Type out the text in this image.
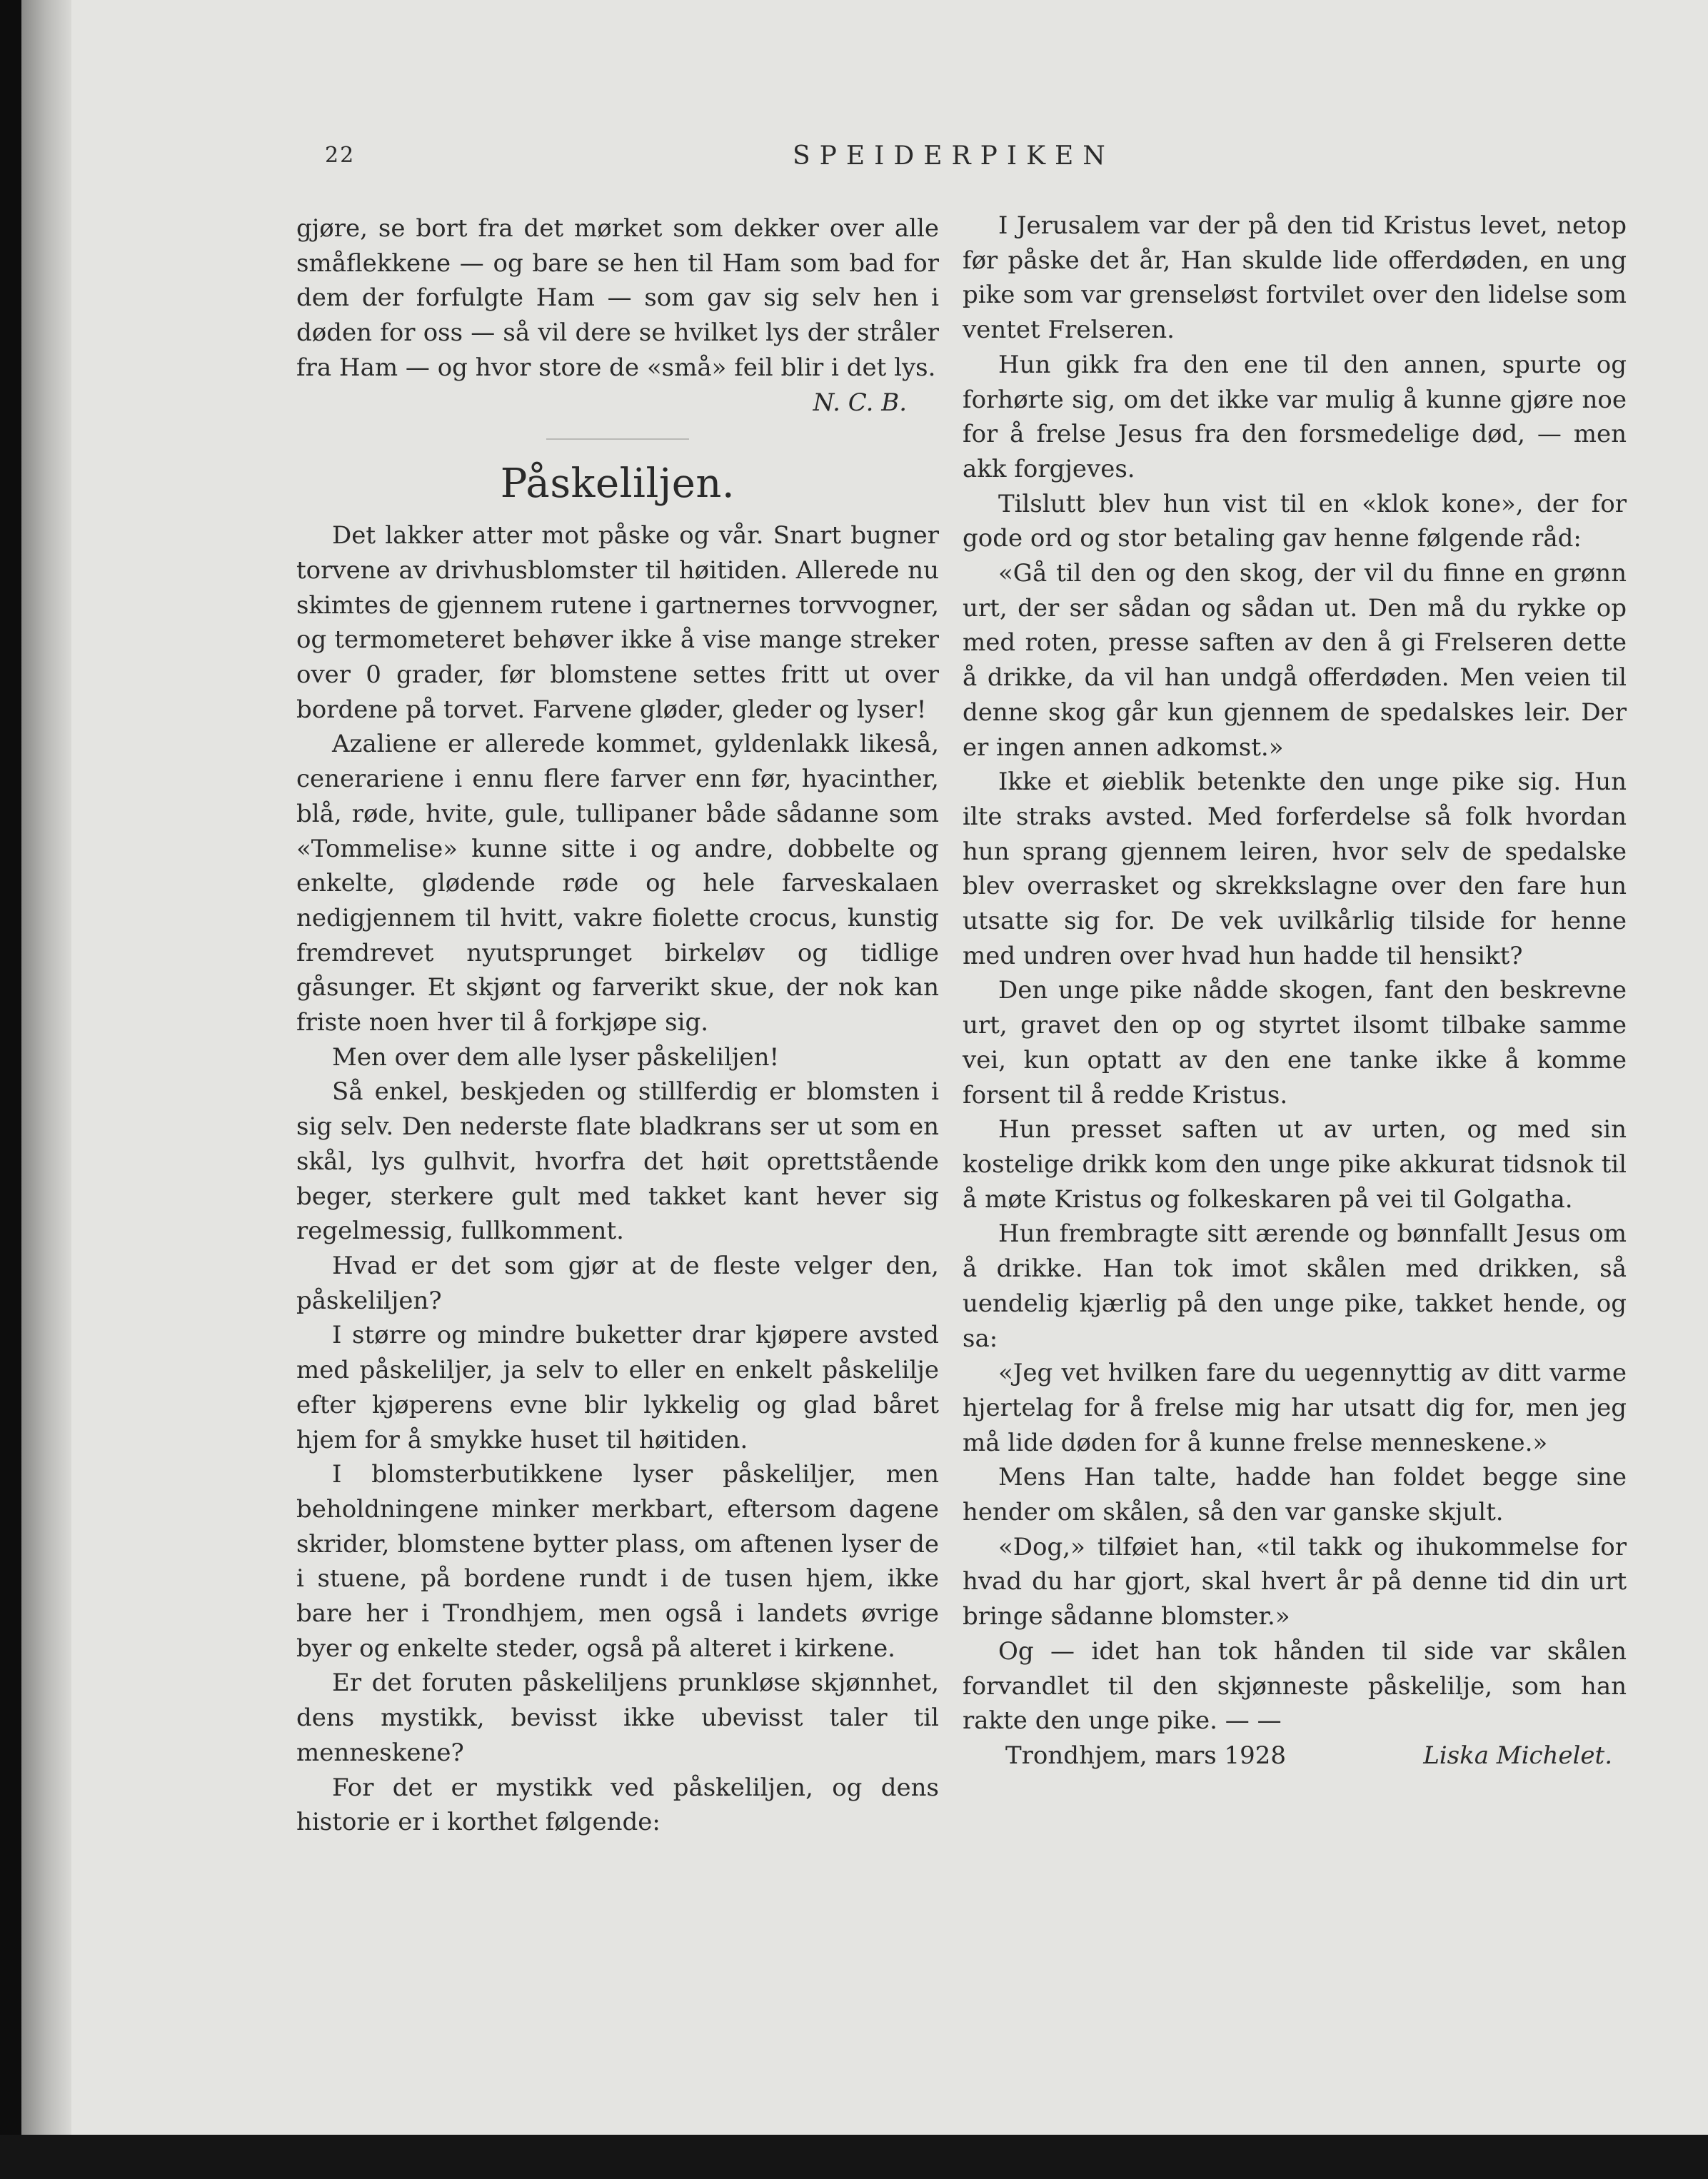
22	SPEIDERPIKEN

gjøre, se bort fra det mørket som dekker over alle småflekkene — og bare se hen til Ham som bad for dem der forfulgte Ham — som gav sig selv hen i døden for oss — så vil dere se hvilket lys der stråler fra Ham — og hvor store de «små» feil blir i det lys.

N. C. B.

Påskeliljen.

Det lakker atter mot påske og vår. Snart bugner torvene av drivhusblomster til høitiden. Allerede nu skimtes de gjennem rutene i gartnernes torvvogner, og termometeret behøver ikke å vise mange streker over 0 grader, før blomstene settes fritt ut over bordene på torvet. Farvene gløder, gleder og lyser!

Azaliene er allerede kommet, gyldenlakk likeså, cenerariene i ennu flere farver enn før, hyacinther, blå, røde, hvite, gule, tullipaner både sådanne som «Tommelise» kunne sitte i og andre, dobbelte og enkelte, glødende røde og hele farveskalaen nedigjennem til hvitt, vakre fiolette crocus, kunstig fremdrevet nyutsprunget birkeløv og tidlige gåsunger. Et skjønt og farverikt skue, der nok kan friste noen hver til å forkjøpe sig.

Men over dem alle lyser påskeliljen!

Så enkel, beskjeden og stillferdig er blomsten i sig selv. Den nederste flate bladkrans ser ut som en skål, lys gulhvit, hvorfra det høit oprettstående beger, sterkere gult med takket kant hever sig regelmessig, fullkomment.

Hvad er det som gjør at de fleste velger den, påskeliljen?

I større og mindre buketter drar kjøpere avsted med påskeliljer, ja selv to eller en enkelt påskelilje efter kjøperens evne blir lykkelig og glad båret hjem for å smykke huset til høitiden.

I blomsterbutikkene lyser påskeliljer, men beholdningene minker merkbart, eftersom dagene skrider, blomstene bytter plass, om aftenen lyser de i stuene, på bordene rundt i de tusen hjem, ikke bare her i Trondhjem, men også i landets øvrige byer og enkelte steder, også på alteret i kirkene.

Er det foruten påskeliljens prunkløse skjønnhet, dens mystikk, bevisst ikke ubevisst taler til menneskene?

For det er mystikk ved påskeliljen, og dens historie er i korthet følgende:

I Jerusalem var der på den tid Kristus levet, netop før påske det år, Han skulde lide offerdøden, en ung pike som var grenseløst fortvilet over den lidelse som ventet Frelseren.

Hun gikk fra den ene til den annen, spurte og forhørte sig, om det ikke var mulig å kunne gjøre noe for å frelse Jesus fra den forsmedelige død, — men akk forgjeves.

Tilslutt blev hun vist til en «klok kone», der for gode ord og stor betaling gav henne følgende råd:

«Gå til den og den skog, der vil du finne en grønn urt, der ser sådan og sådan ut. Den må du rykke op med roten, presse saften av den å gi Frelseren dette å drikke, da vil han undgå offerdøden. Men veien til denne skog går kun gjennem de spedalskes leir. Der er ingen annen adkomst.»

Ikke et øieblik betenkte den unge pike sig. Hun ilte straks avsted. Med forferdelse så folk hvordan hun sprang gjennem leiren, hvor selv de spedalske blev overrasket og skrekkslagne over den fare hun utsatte sig for. De vek uvilkårlig tilside for henne med undren over hvad hun hadde til hensikt?

Den unge pike nådde skogen, fant den beskrevne urt, gravet den op og styrtet ilsomt tilbake samme vei, kun optatt av den ene tanke ikke å komme forsent til å redde Kristus.

Hun presset saften ut av urten, og med sin kostelige drikk kom den unge pike akkurat tidsnok til å møte Kristus og folkeskaren på vei til Golgatha.

Hun frembragte sitt ærende og bønnfallt Jesus om å drikke. Han tok imot skålen med drikken, så uendelig kjærlig på den unge pike, takket hende, og sa:

«Jeg vet hvilken fare du uegennyttig av ditt varme hjertelag for å frelse mig har utsatt dig for, men jeg må lide døden for å kunne frelse menneskene.»

Mens Han talte, hadde han foldet begge sine hender om skålen, så den var ganske skjult.

«Dog,» tilføiet han, «til takk og ihukommelse for hvad du har gjort, skal hvert år på denne tid din urt bringe sådanne blomster.»

Og — idet han tok hånden til side var skålen forvandlet til den skjønneste påskelilje, som han rakte den unge pike. — —

Trondhjem, mars 1928	Liska Michelet.
